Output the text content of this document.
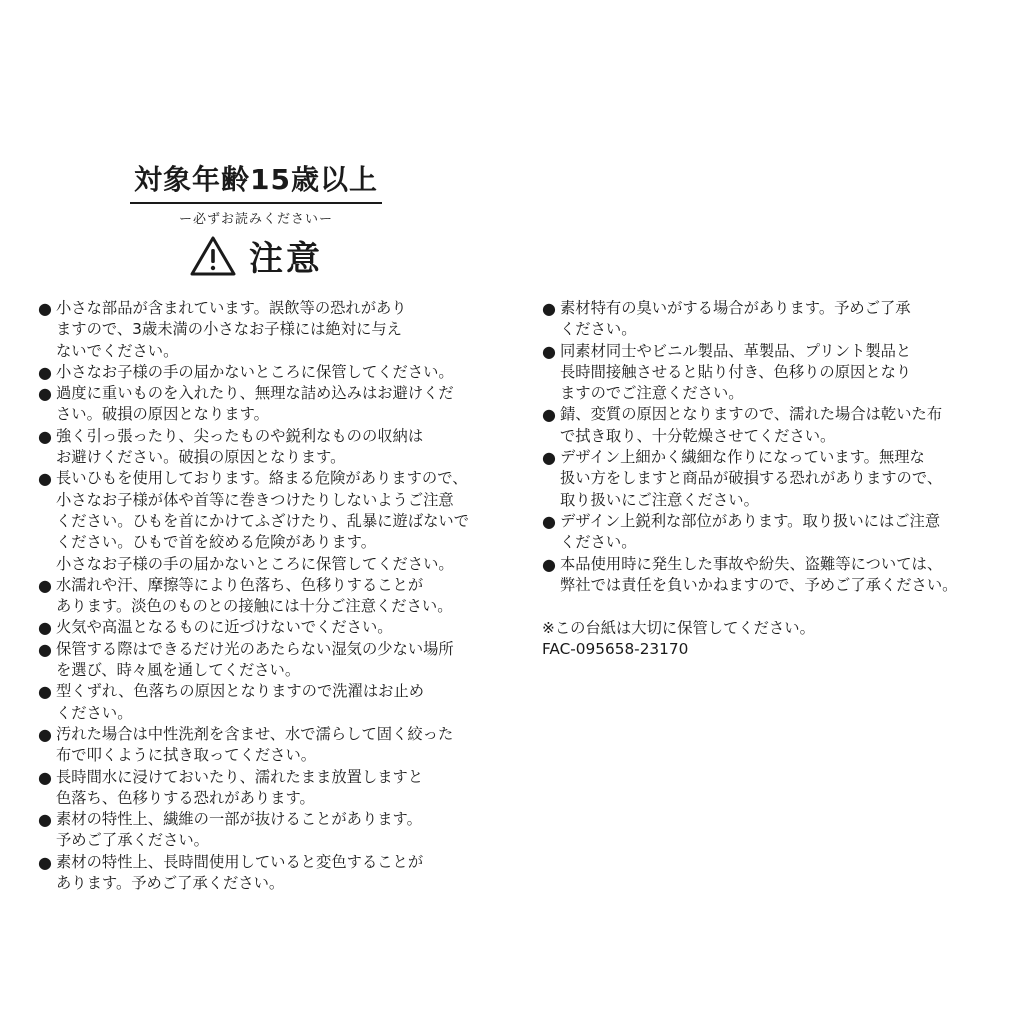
対象年齢15歳以上
ー必ずお読みくださいー
注意
● 小さな部品が含まれています。誤飲等の恐れがあり
ますので、3歳未満の小さなお子様には絶対に与え
ないでください。
● 小さなお子様の手の届かないところに保管してください。
● 過度に重いものを入れたり、無理な詰め込みはお避けくだ
さい。破損の原因となります。
● 強く引っ張ったり、尖ったものや鋭利なものの収納は
お避けください。破損の原因となります。
● 長いひもを使用しております。絡まる危険がありますので、
小さなお子様が体や首等に巻きつけたりしないようご注意
ください。ひもを首にかけてふざけたり、乱暴に遊ばないで
ください。ひもで首を絞める危険があります。
小さなお子様の手の届かないところに保管してください。
● 水濡れや汗、摩擦等により色落ち、色移りすることが
あります。淡色のものとの接触には十分ご注意ください。
● 火気や高温となるものに近づけないでください。
● 保管する際はできるだけ光のあたらない湿気の少ない場所
を選び、時々風を通してください。
● 型くずれ、色落ちの原因となりますので洗濯はお止め
ください。
● 汚れた場合は中性洗剤を含ませ、水で濡らして固く絞った
布で叩くように拭き取ってください。
● 長時間水に浸けておいたり、濡れたまま放置しますと
色落ち、色移りする恐れがあります。
● 素材の特性上、繊維の一部が抜けることがあります。
予めご了承ください。
● 素材の特性上、長時間使用していると変色することが
あります。予めご了承ください。
● 素材特有の臭いがする場合があります。予めご了承
ください。
● 同素材同士やビニル製品、革製品、プリント製品と
長時間接触させると貼り付き、色移りの原因となり
ますのでご注意ください。
● 錆、変質の原因となりますので、濡れた場合は乾いた布
で拭き取り、十分乾燥させてください。
● デザイン上細かく繊細な作りになっています。無理な
扱い方をしますと商品が破損する恐れがありますので、
取り扱いにご注意ください。
● デザイン上鋭利な部位があります。取り扱いにはご注意
ください。
● 本品使用時に発生した事故や紛失、盗難等については、
弊社では責任を負いかねますので、予めご了承ください。
※この台紙は大切に保管してください。
FAC-095658-23170
